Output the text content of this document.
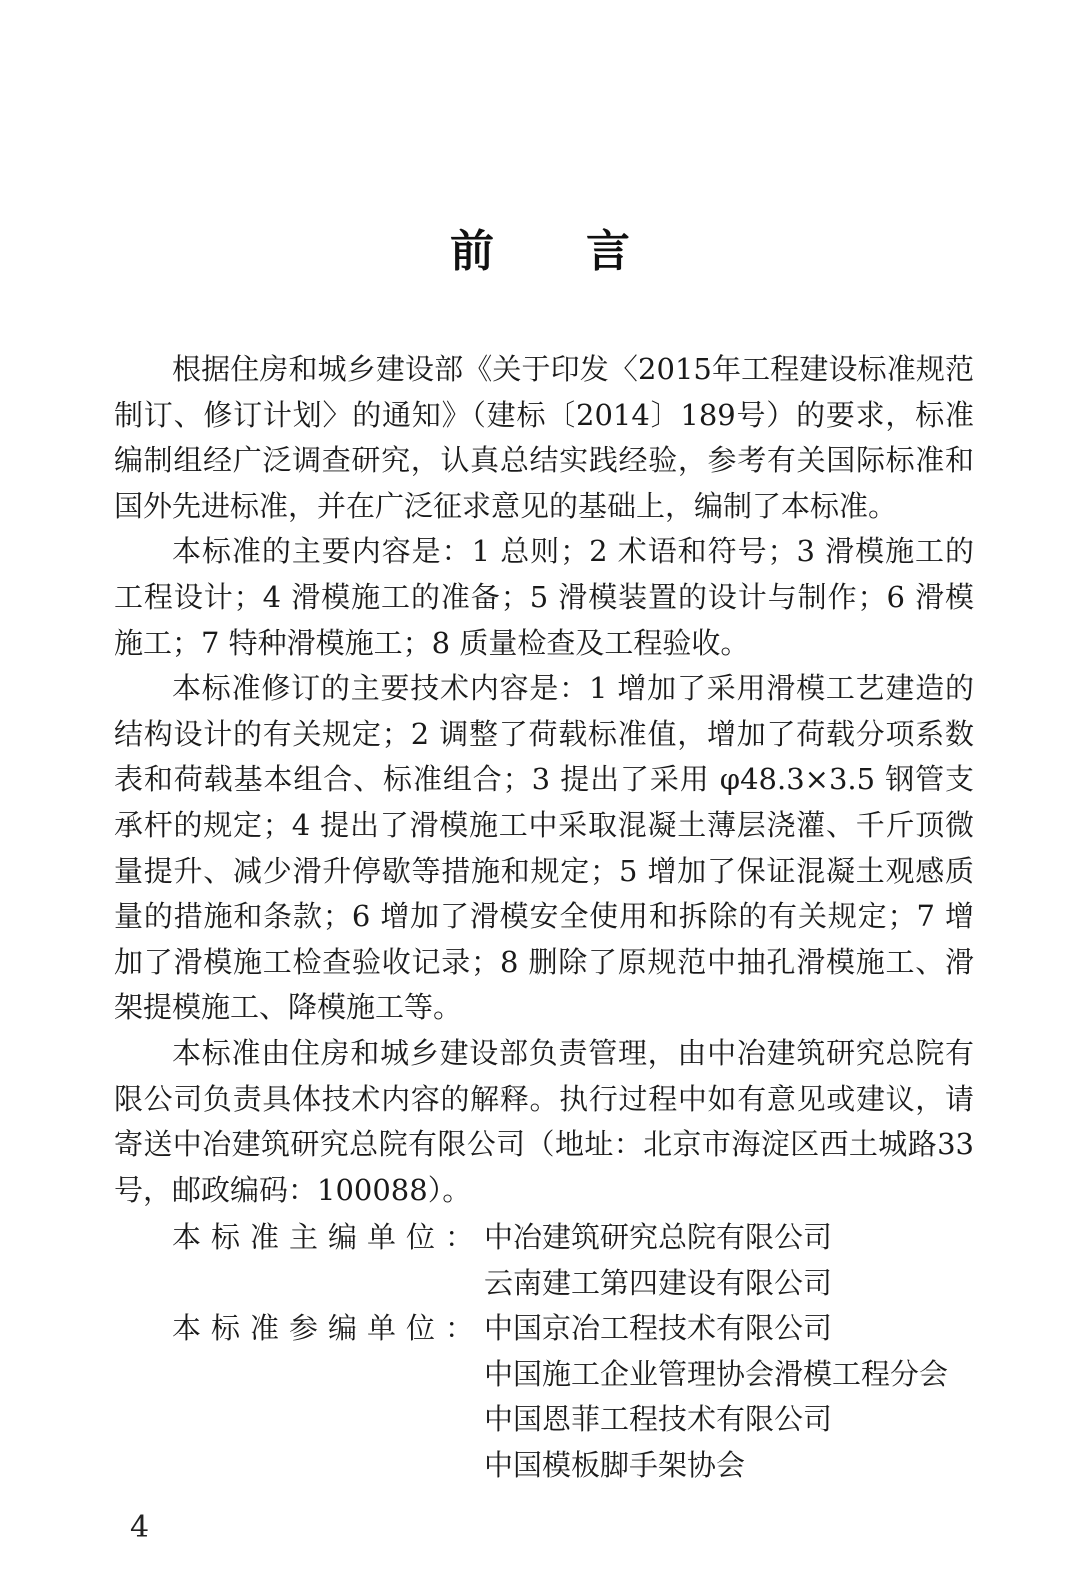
前言

根据住房和城乡建设部《关于印发〈2015年工程建设标准规范制订、修订计划〉的通知》（建标〔2014〕189号）的要求，标准编制组经广泛调查研究，认真总结实践经验，参考有关国际标准和国外先进标准，并在广泛征求意见的基础上，编制了本标准。

本标准的主要内容是：1 总则；2 术语和符号；3 滑模施工的工程设计；4 滑模施工的准备；5 滑模装置的设计与制作；6 滑模施工；7 特种滑模施工；8 质量检查及工程验收。

本标准修订的主要技术内容是：1 增加了采用滑模工艺建造的结构设计的有关规定；2 调整了荷载标准值，增加了荷载分项系数表和荷载基本组合、标准组合；3 提出了采用 φ48.3×3.5 钢管支承杆的规定；4 提出了滑模施工中采取混凝土薄层浇灌、千斤顶微量提升、减少滑升停歇等措施和规定；5 增加了保证混凝土观感质量的措施和条款；6 增加了滑模安全使用和拆除的有关规定；7 增加了滑模施工检查验收记录；8 删除了原规范中抽孔滑模施工、滑架提模施工、降模施工等。

本标准由住房和城乡建设部负责管理，由中冶建筑研究总院有限公司负责具体技术内容的解释。执行过程中如有意见或建议，请寄送中冶建筑研究总院有限公司（地址：北京市海淀区西土城路33号，邮政编码：100088）。

本标准主编单位： 中冶建筑研究总院有限公司
云南建工第四建设有限公司
本标准参编单位： 中国京冶工程技术有限公司
中国施工企业管理协会滑模工程分会
中国恩菲工程技术有限公司
中国模板脚手架协会
4
